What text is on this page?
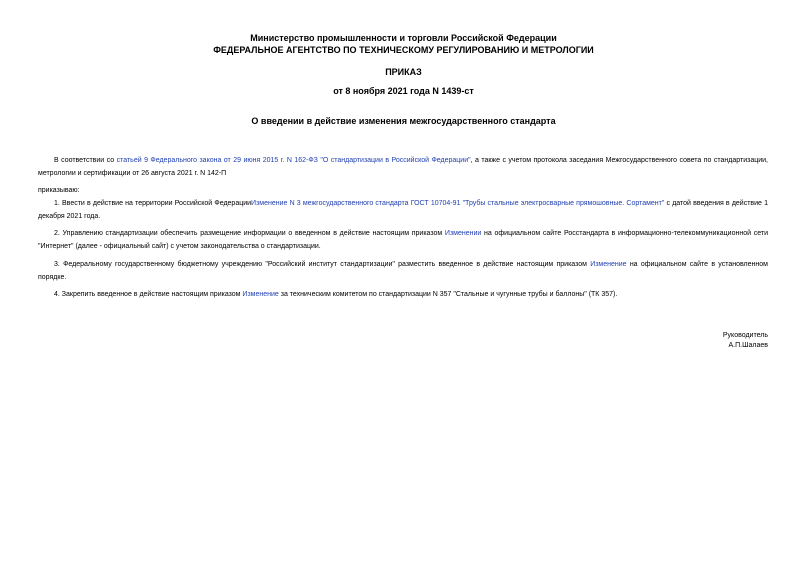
Министерство промышленности и торговли Российской Федерации
ФЕДЕРАЛЬНОЕ АГЕНТСТВО ПО ТЕХНИЧЕСКОМУ РЕГУЛИРОВАНИЮ И МЕТРОЛОГИИ
ПРИКАЗ
от 8 ноября 2021 года N 1439-ст
О введении в действие изменения межгосударственного стандарта
В соответствии со статьей 9 Федерального закона от 29 июня 2015 г. N 162-ФЗ "О стандартизации в Российской Федерации", а также с учетом протокола заседания Межгосударственного совета по стандартизации, метрологии и сертификации от 26 августа 2021 г. N 142-П
приказываю:
1. Ввести в действие на территории Российской ФедерацииИзменение N 3 межгосударственного стандарта ГОСТ 10704-91 "Трубы стальные электросварные прямошовные. Сортамент" с датой введения в действие 1 декабря 2021 года.
2. Управлению стандартизации обеспечить размещение информации о введенном в действие настоящим приказом Изменении на официальном сайте Росстандарта в информационно-телекоммуникационной сети "Интернет" (далее - официальный сайт) с учетом законодательства о стандартизации.
3. Федеральному государственному бюджетному учреждению "Российский институт стандартизации" разместить введенное в действие настоящим приказом Изменение на официальном сайте в установленном порядке.
4. Закрепить введенное в действие настоящим приказом Изменение за техническим комитетом по стандартизации N 357 "Стальные и чугунные трубы и баллоны" (ТК 357).
Руководитель
А.П.Шалаев
